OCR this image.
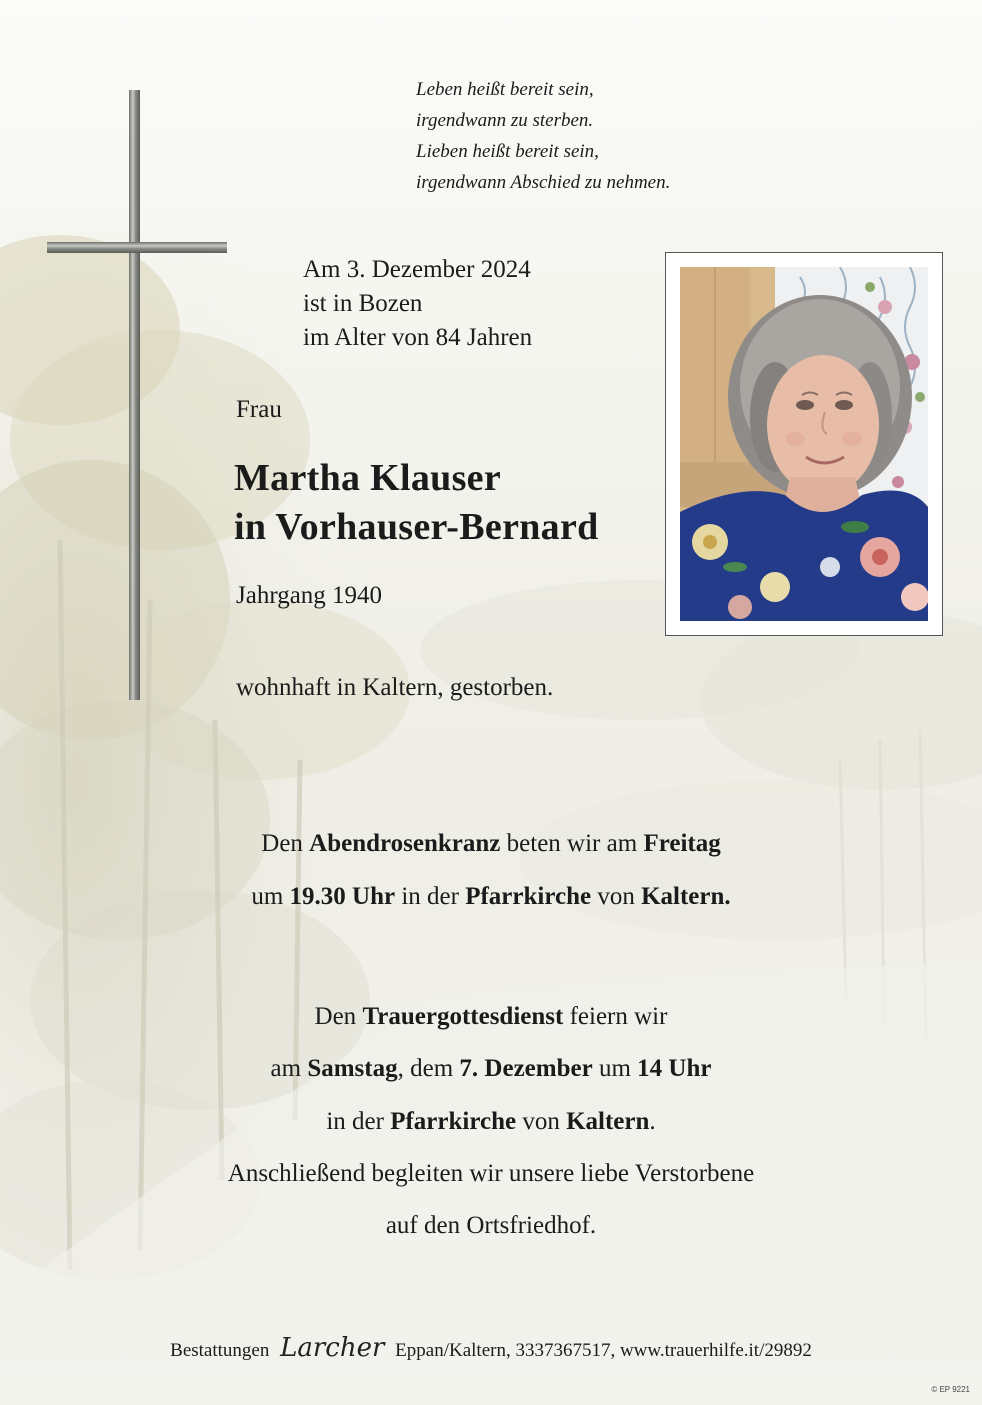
Leben heißt bereit sein,
irgendwann zu sterben.
Lieben heißt bereit sein,
irgendwann Abschied zu nehmen.
Am 3. Dezember 2024
ist in Bozen
im Alter von 84 Jahren
Frau
Martha Klauser
in Vorhauser-Bernard
Jahrgang 1940
wohnhaft in Kaltern, gestorben.
Den Abendrosenkranz beten wir am Freitag
um 19.30 Uhr in der Pfarrkirche von Kaltern.
Den Trauergottesdienst feiern wir
am Samstag, dem 7. Dezember um 14 Uhr
in der Pfarrkirche von Kaltern.
Anschließend begleiten wir unsere liebe Verstorbene
auf den Ortsfriedhof.
Bestattungen Larcher Eppan/Kaltern, 3337367517, www.trauerhilfe.it/29892
© EP 9221
